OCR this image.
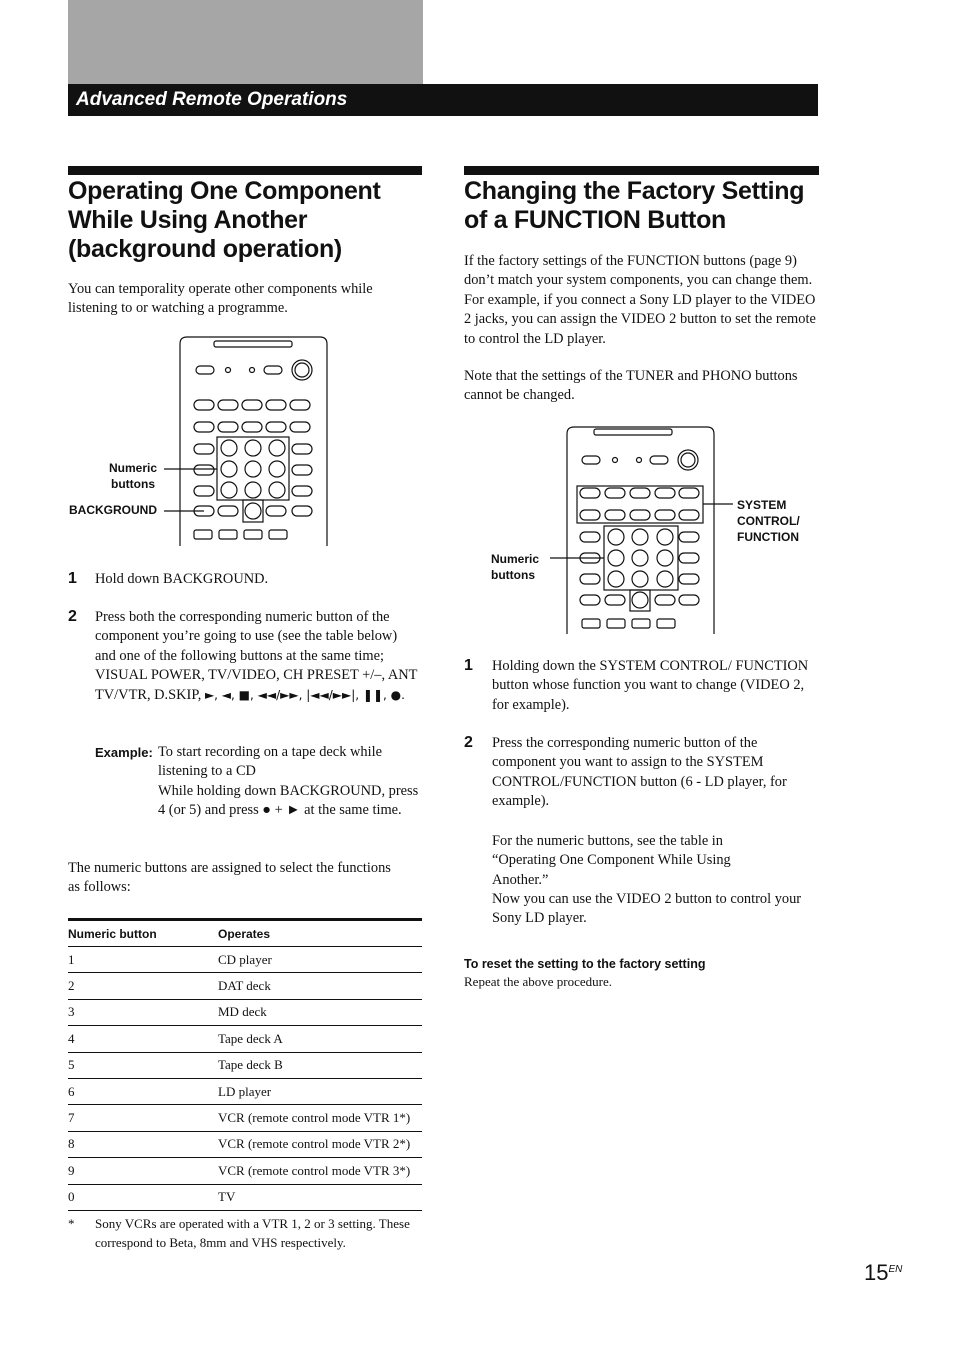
Advanced Remote Operations
Operating One Component
While Using Another
(background operation)
You can temporality operate other components while listening to or watching a programme.
Numeric
buttons
BACKGROUND
1 Hold down BACKGROUND.
2 Press both the corresponding numeric button of the component you’re going to use (see the table below) and one of the following buttons at the same time; VISUAL POWER, TV/VIDEO, CH PRESET +/–, ANT TV/VTR, D.SKIP, ►, ◄, ■, ◄◄/►►, |◄◄/►►|, ❚❚, ●.
Example: To start recording on a tape deck while listening to a CD
While holding down BACKGROUND, press 4 (or 5) and press ● + ► at the same time.
The numeric buttons are assigned to select the functions as follows:
Numeric button	Operates
1	CD player
2	DAT deck
3	MD deck
4	Tape deck A
5	Tape deck B
6	LD player
7	VCR (remote control mode VTR 1*)
8	VCR (remote control mode VTR 2*)
9	VCR (remote control mode VTR 3*)
0	TV
* Sony VCRs are operated with a VTR 1, 2 or 3 setting. These correspond to Beta, 8mm and VHS respectively.
Changing the Factory Setting
of a FUNCTION Button
If the factory settings of the FUNCTION buttons (page 9) don’t match your system components, you can change them. For example, if you connect a Sony LD player to the VIDEO 2 jacks, you can assign the VIDEO 2 button to set the remote to control the LD player.
Note that the settings of the TUNER and PHONO buttons cannot be changed.
SYSTEM
CONTROL/
FUNCTION
Numeric
buttons
1 Holding down the SYSTEM CONTROL/ FUNCTION button whose function you want to change (VIDEO 2, for example).
2 Press the corresponding numeric button of the component you want to assign to the SYSTEM CONTROL/FUNCTION button (6 - LD player, for example).
For the numeric buttons, see the table in “Operating One Component While Using Another.”
Now you can use the VIDEO 2 button to control your Sony LD player.
To reset the setting to the factory setting
Repeat the above procedure.
$15^{EN}$
